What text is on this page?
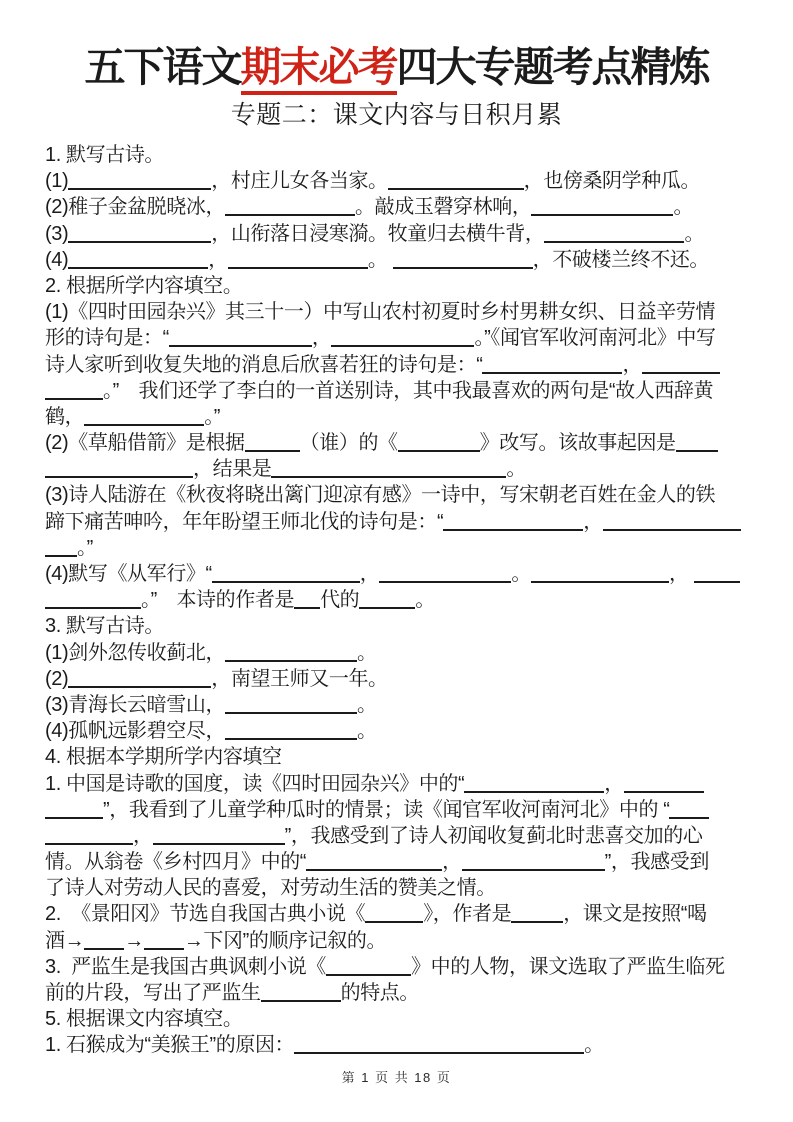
五下语文期末必考四大专题考点精炼
专题二：课文内容与日积月累
1. 默写古诗。
(1)	，村庄儿女各当家。	，也傍桑阴学种瓜。
(2)稚子金盆脱晓冰，	。敲成玉磬穿林响，	。
(3)	，山衔落日浸寒漪。牧童归去横牛背，	。
(4)	，	。	，不破楼兰终不还。
2. 根据所学内容填空。
(1)《四时田园杂兴》其三十一）中写山农村初夏时乡村男耕女织、日益辛劳情
形的诗句是：“	，	。”《闻官军收河南河北》中写
诗人家听到收复失地的消息后欣喜若狂的诗句是：“	，
。”　我们还学了李白的一首送别诗，其中我最喜欢的两句是“故人西辞黄
鹤，	。”
(2)《草船借箭》是根据	（谁）的《	》改写。该故事起因是
，结果是	。
(3)诗人陆游在《秋夜将晓出篱门迎凉有感》一诗中，写宋朝老百姓在金人的铁
蹄下痛苦呻吟，年年盼望王师北伐的诗句是：“	，
。”
(4)默写《从军行》“	，	。	，
。”　本诗的作者是 代的	。
3. 默写古诗。
(1)剑外忽传收蓟北，	。
(2)	，南望王师又一年。
(3)青海长云暗雪山，	。
(4)孤帆远影碧空尽，	。
4. 根据本学期所学内容填空
1. 中国是诗歌的国度，读《四时田园杂兴》中的“	，
”，我看到了儿童学种瓜时的情景；读《闻官军收河南河北》中的 “
，	”，我感受到了诗人初闻收复蓟北时悲喜交加的心
情。从翁卷《乡村四月》中的“	，	”，我感受到
了诗人对劳动人民的喜爱，对劳动生活的赞美之情。
2.  《景阳冈》节选自我国古典小说《	》，作者是	，课文是按照“喝
酒→ → →下冈”的顺序记叙的。
3.  严监生是我国古典讽刺小说《	》中的人物，课文选取了严监生临死
前的片段，写出了严监生	的特点。
5. 根据课文内容填空。
1. 石猴成为“美猴王”的原因：	。
第 1 页 共 18 页
